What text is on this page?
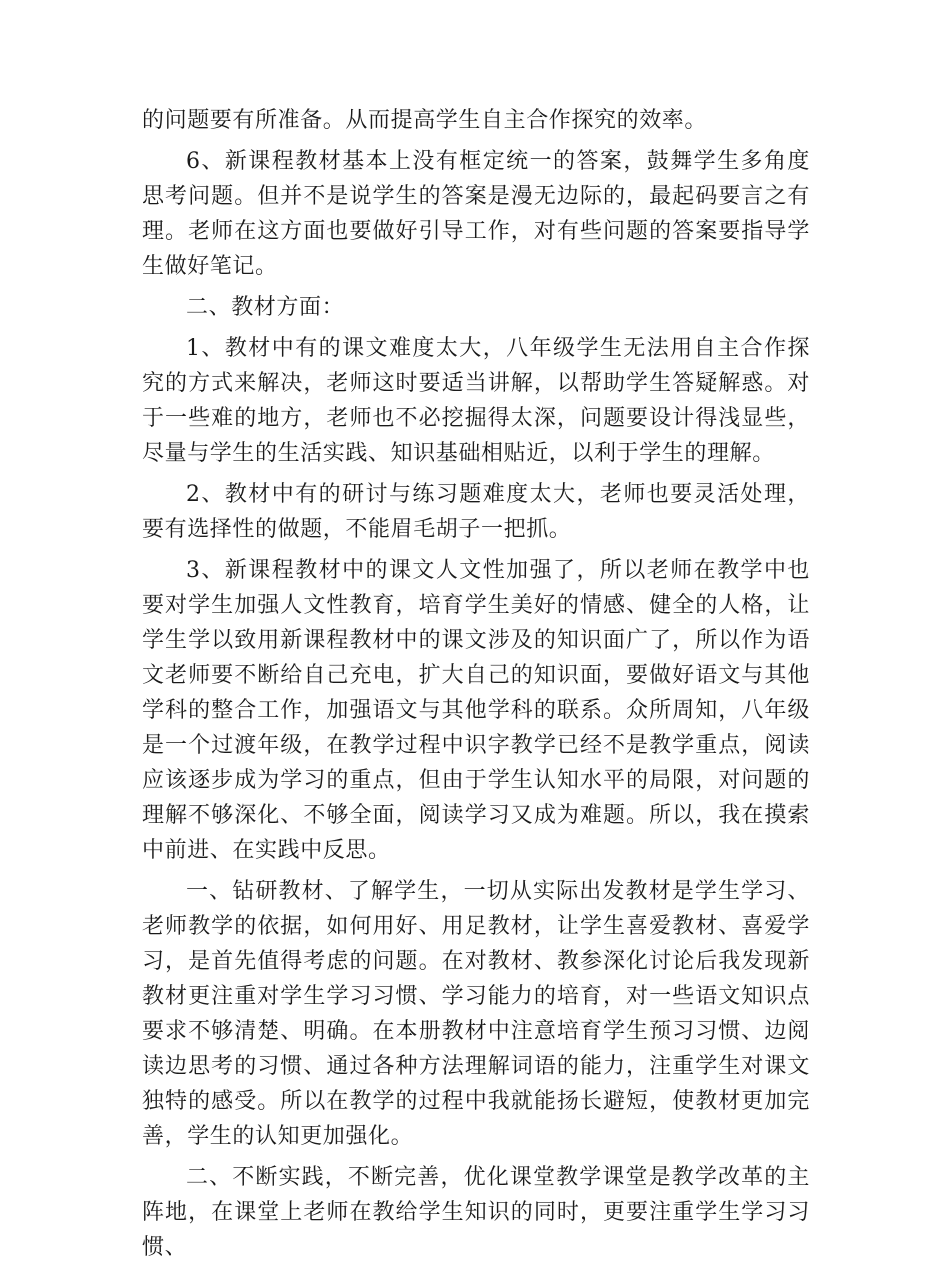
的问题要有所准备。从而提高学生自主合作探究的效率。

6、新课程教材基本上没有框定统一的答案，鼓舞学生多角度思考问题。但并不是说学生的答案是漫无边际的，最起码要言之有理。老师在这方面也要做好引导工作，对有些问题的答案要指导学生做好笔记。

二、教材方面：

1、教材中有的课文难度太大，八年级学生无法用自主合作探究的方式来解决，老师这时要适当讲解，以帮助学生答疑解惑。对于一些难的地方，老师也不必挖掘得太深，问题要设计得浅显些，尽量与学生的生活实践、知识基础相贴近，以利于学生的理解。

2、教材中有的研讨与练习题难度太大，老师也要灵活处理，要有选择性的做题，不能眉毛胡子一把抓。

3、新课程教材中的课文人文性加强了，所以老师在教学中也要对学生加强人文性教育，培育学生美好的情感、健全的人格，让学生学以致用新课程教材中的课文涉及的知识面广了，所以作为语文老师要不断给自己充电，扩大自己的知识面，要做好语文与其他学科的整合工作，加强语文与其他学科的联系。众所周知，八年级是一个过渡年级，在教学过程中识字教学已经不是教学重点，阅读应该逐步成为学习的重点，但由于学生认知水平的局限，对问题的理解不够深化、不够全面，阅读学习又成为难题。所以，我在摸索中前进、在实践中反思。

一、钻研教材、了解学生，一切从实际出发教材是学生学习、老师教学的依据，如何用好、用足教材，让学生喜爱教材、喜爱学习，是首先值得考虑的问题。在对教材、教参深化讨论后我发现新教材更注重对学生学习习惯、学习能力的培育，对一些语文知识点要求不够清楚、明确。在本册教材中注意培育学生预习习惯、边阅读边思考的习惯、通过各种方法理解词语的能力，注重学生对课文独特的感受。所以在教学的过程中我就能扬长避短，使教材更加完善，学生的认知更加强化。

二、不断实践，不断完善，优化课堂教学课堂是教学改革的主阵地，在课堂上老师在教给学生知识的同时，更要注重学生学习习惯、
